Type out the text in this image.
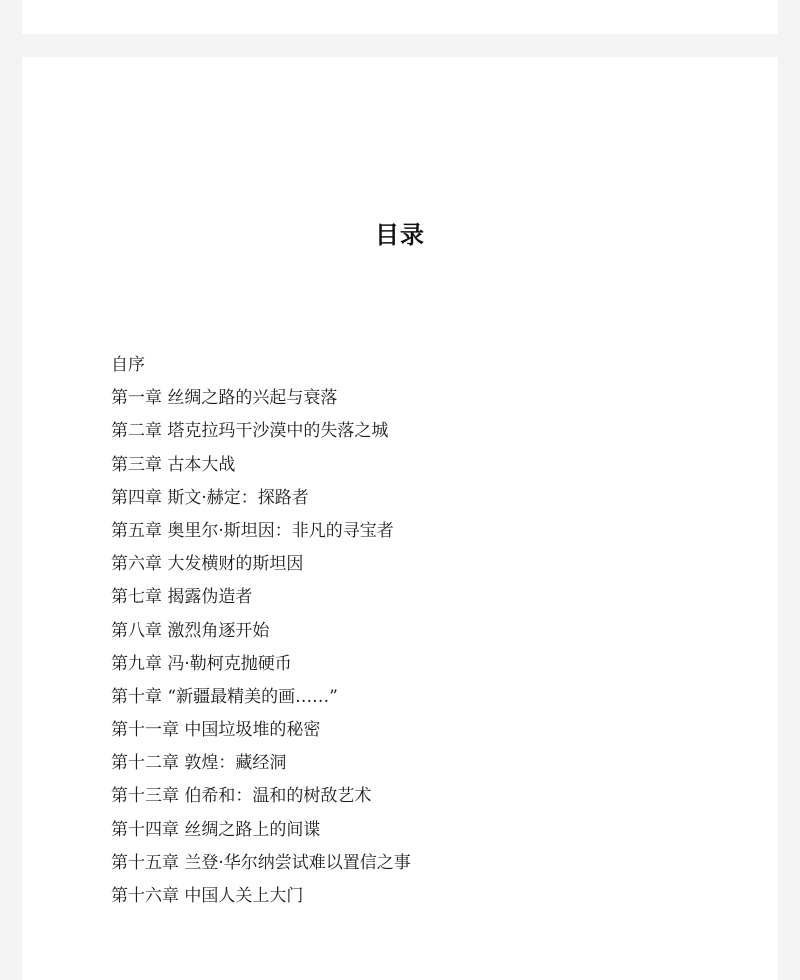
目录
自序
第一章 丝绸之路的兴起与衰落
第二章 塔克拉玛干沙漠中的失落之城
第三章 古本大战
第四章 斯文·赫定：探路者
第五章 奥里尔·斯坦因：非凡的寻宝者
第六章 大发横财的斯坦因
第七章 揭露伪造者
第八章 激烈角逐开始
第九章 冯·勒柯克抛硬币
第十章 “新疆最精美的画……”
第十一章 中国垃圾堆的秘密
第十二章 敦煌：藏经洞
第十三章 伯希和：温和的树敌艺术
第十四章 丝绸之路上的间谍
第十五章 兰登·华尔纳尝试难以置信之事
第十六章 中国人关上大门
